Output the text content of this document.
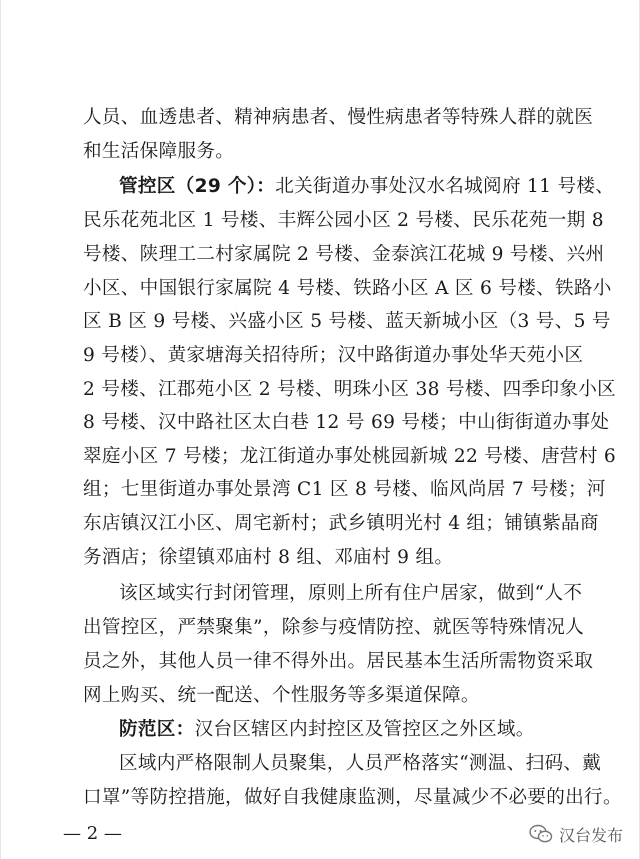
人员、血透患者、精神病患者、慢性病患者等特殊人群的就医
和生活保障服务。
管控区（29 个）：北关街道办事处汉水名城阅府 11 号楼、
民乐花苑北区 1 号楼、丰辉公园小区 2 号楼、民乐花苑一期 8
号楼、陕理工二村家属院 2 号楼、金泰滨江花城 9 号楼、兴州
小区、中国银行家属院 4 号楼、铁路小区 A 区 6 号楼、铁路小
区 B 区 9 号楼、兴盛小区 5 号楼、蓝天新城小区（3 号、5 号
9 号楼）、黄家塘海关招待所；汉中路街道办事处华天苑小区
2 号楼、江郡苑小区 2 号楼、明珠小区 38 号楼、四季印象小区
8 号楼、汉中路社区太白巷 12 号 69 号楼；中山街街道办事处
翠庭小区 7 号楼；龙江街道办事处桃园新城 22 号楼、唐营村 6
组；七里街道办事处景湾 C1 区 8 号楼、临风尚居 7 号楼；河
东店镇汉江小区、周宅新村；武乡镇明光村 4 组；铺镇紫晶商
务酒店；徐望镇邓庙村 8 组、邓庙村 9 组。
该区域实行封闭管理，原则上所有住户居家，做到“人不
出管控区，严禁聚集”，除参与疫情防控、就医等特殊情况人
员之外，其他人员一律不得外出。居民基本生活所需物资采取
网上购买、统一配送、个性服务等多渠道保障。
防范区：汉台区辖区内封控区及管控区之外区域。
区域内严格限制人员聚集，人员严格落实“测温、扫码、戴
口罩”等防控措施，做好自我健康监测，尽量减少不必要的出行。
— 2 —	汉台发布
